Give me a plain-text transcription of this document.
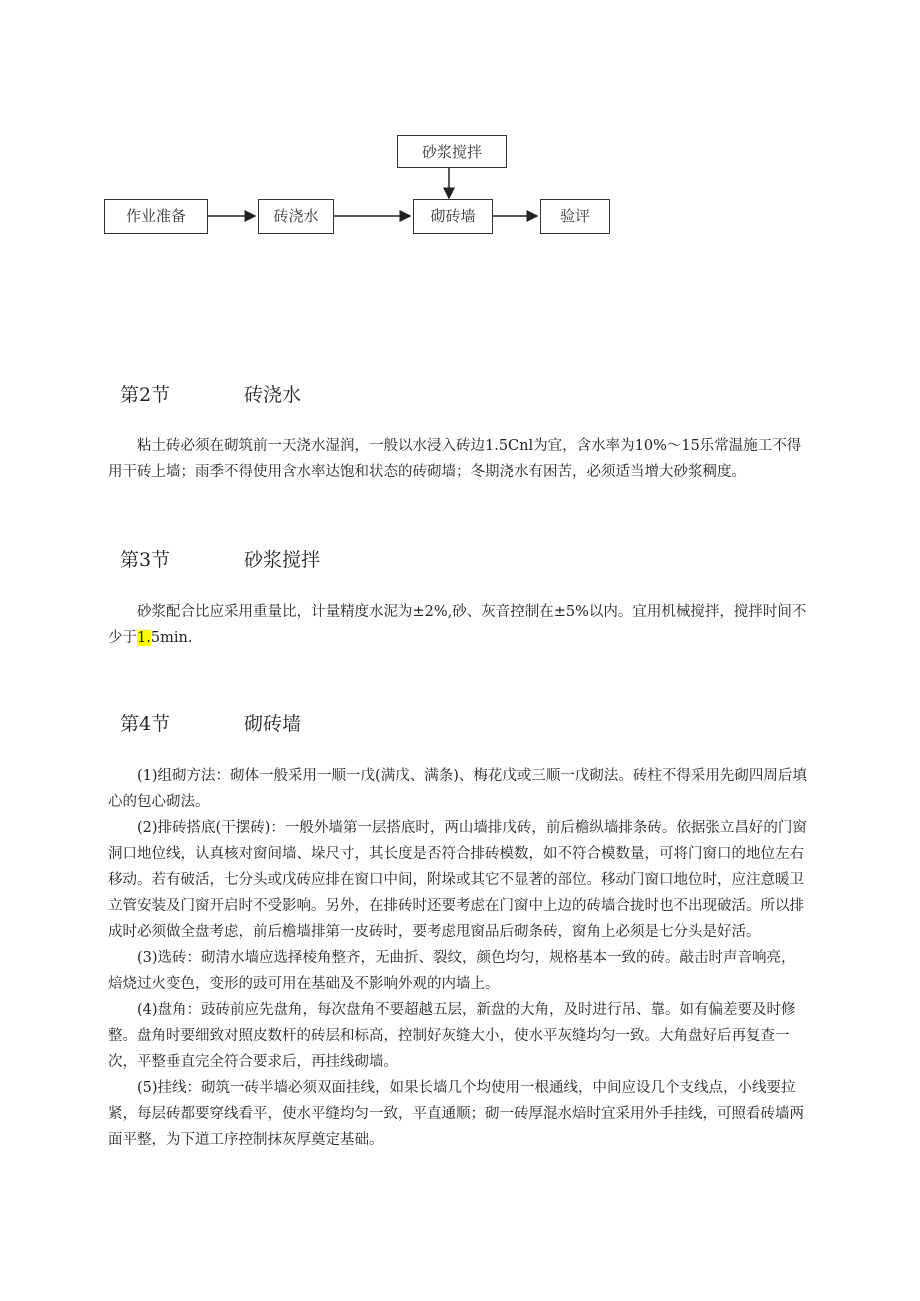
作业准备	砖浇水
砂浆搅拌
砌砖墙	验评
第2节	砖浇水

粘土砖必须在砌筑前一天浇水湿润，一般以水浸入砖边1.5Cnl为宜，含水率为10%～15乐常温施工不得用干砖上墙；雨季不得使用含水率达饱和状态的砖砌墙；冬期浇水有困苦，必须适当增大砂浆稠度。

第3节	砂浆搅拌

砂浆配合比应采用重量比，计量精度水泥为±2%,砂、灰音控制在±5%以内。宜用机械搅拌，搅拌时间不少于1.5min.

第4节	砌砖墙

(1)组砌方法：砌体一般采用一顺一戊(满戊、满条)、梅花戊或三顺一戊砌法。砖柱不得采用先砌四周后填心的包心砌法。

(2)排砖搭底(干摆砖)：一般外墙第一层搭底时，两山墙排戊砖，前后檐纵墙排条砖。依据张立昌好的门窗洞口地位线，认真核对窗间墙、垛尺寸，其长度是否符合排砖模数，如不符合模数量，可将门窗口的地位左右移动。若有破活，七分头或戊砖应排在窗口中间，附垛或其它不显著的部位。移动门窗口地位时，应注意暖卫立管安装及门窗开启时不受影响。另外，在排砖时还要考虑在门窗中上边的砖墙合拢时也不出现破活。所以排成时必须做全盘考虑，前后檐墙排第一皮砖时，要考虑甩窗品后砌条砖，窗角上必须是七分头是好活。

(3)选砖：砌清水墙应选择棱角整齐，无曲折、裂纹，颜色均匀，规格基本一致的砖。敲击时声音响亮，焙烧过火变色，变形的豉可用在基础及不影响外观的内墙上。

(4)盘角：豉砖前应先盘角，每次盘角不要超越五层，新盘的大角，及时进行吊、靠。如有偏差要及时修整。盘角时要细致对照皮数杆的砖层和标高，控制好灰缝大小，使水平灰缝均匀一致。大角盘好后再复查一次，平整垂直完全符合要求后，再挂线砌墙。

(5)挂线：砌筑一砖半墙必须双面挂线，如果长墙几个均使用一根通线，中间应设几个支线点，小线要拉紧，每层砖都要穿线看平，使水平缝均匀一致，平直通顺；砌一砖厚混水焙时宜采用外手挂线，可照看砖墙两面平整，为下道工序控制抹灰厚奠定基础。
